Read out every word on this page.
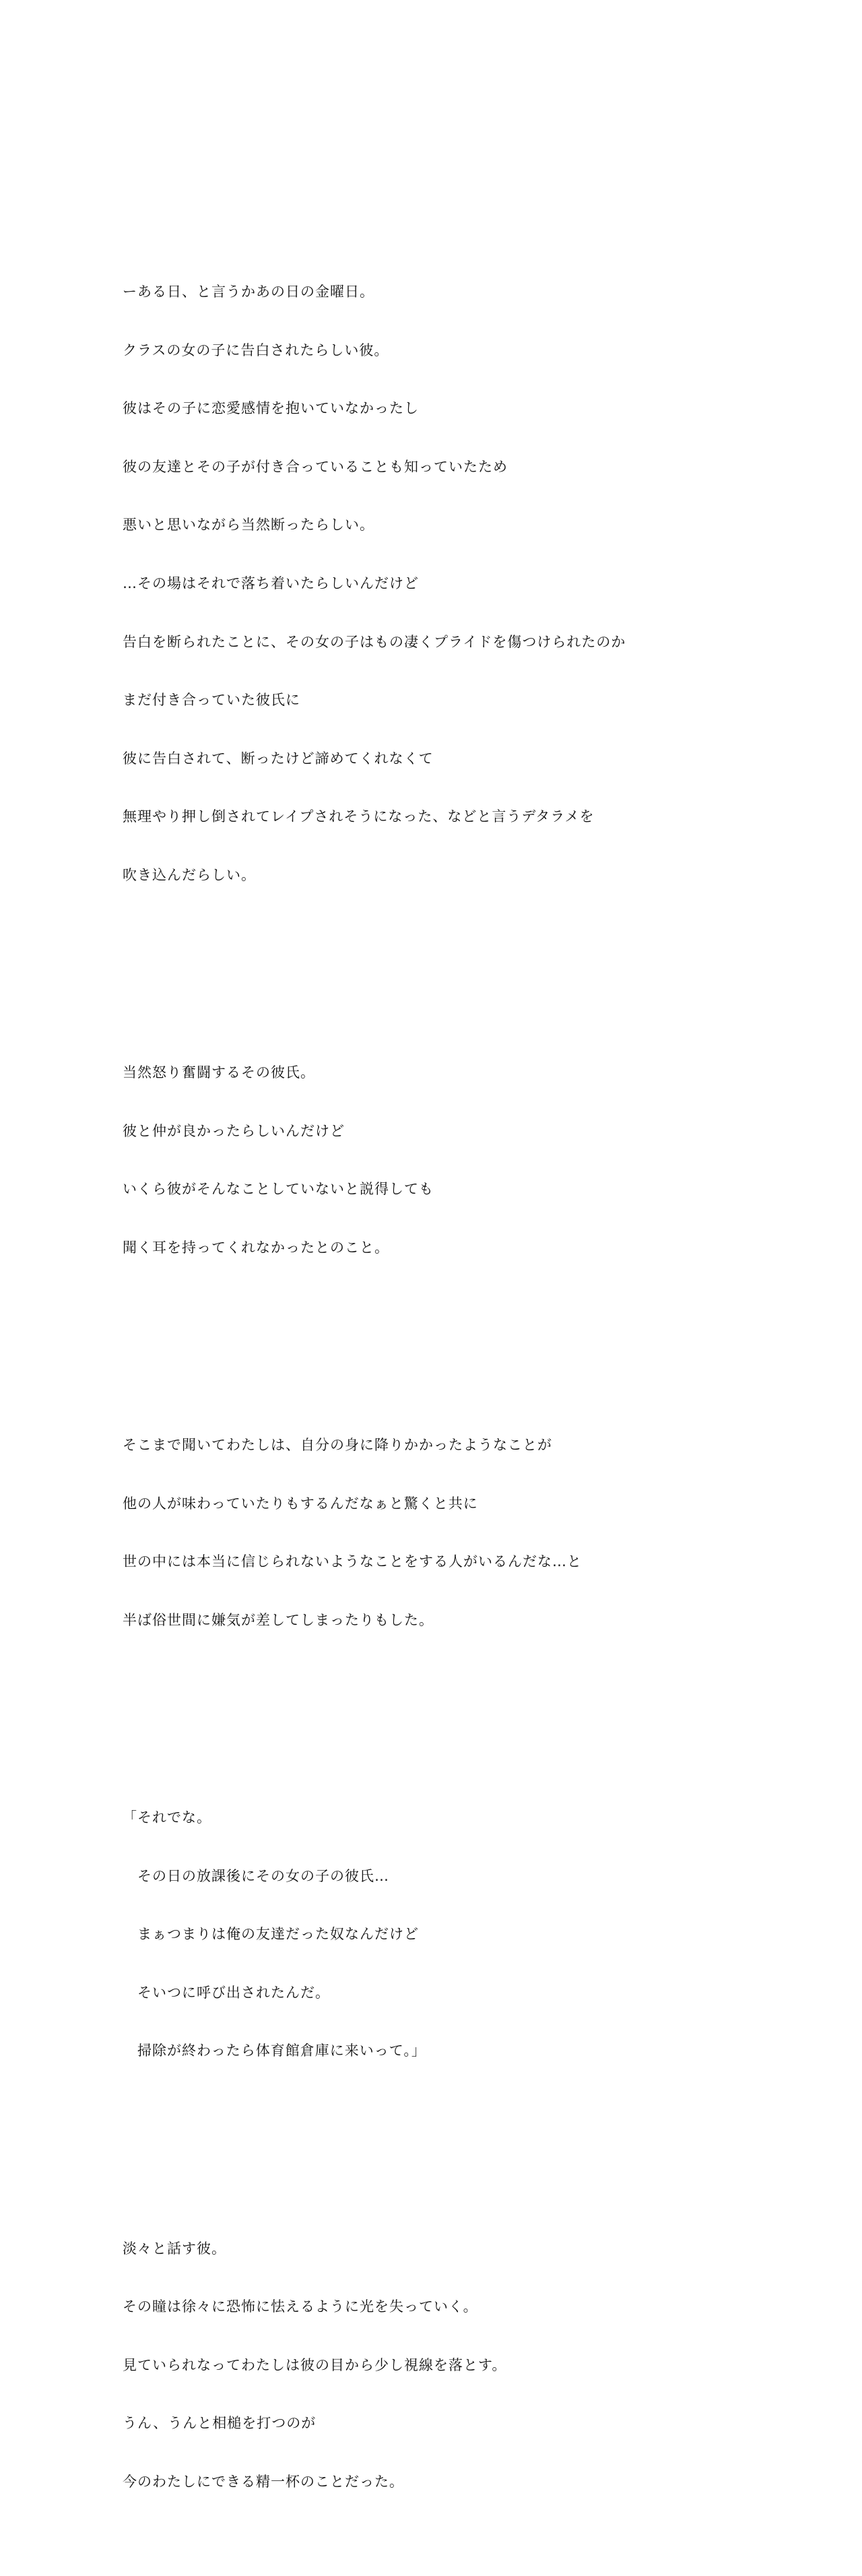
ーある日、と言うかあの日の金曜日。

クラスの女の子に告白されたらしい彼。

彼はその子に恋愛感情を抱いていなかったし

彼の友達とその子が付き合っていることも知っていたため

悪いと思いながら当然断ったらしい。

…その場はそれで落ち着いたらしいんだけど

告白を断られたことに、その女の子はもの凄くプライドを傷つけられたのか

まだ付き合っていた彼氏に

彼に告白されて、断ったけど諦めてくれなくて

無理やり押し倒されてレイプされそうになった、などと言うデタラメを

吹き込んだらしい。

当然怒り奮闘するその彼氏。

彼と仲が良かったらしいんだけど

いくら彼がそんなことしていないと説得しても

聞く耳を持ってくれなかったとのこと。

そこまで聞いてわたしは、自分の身に降りかかったようなことが

他の人が味わっていたりもするんだなぁと驚くと共に

世の中には本当に信じられないようなことをする人がいるんだな…と

半ば俗世間に嫌気が差してしまったりもした。

「それでな。

　その日の放課後にその女の子の彼氏…

　まぁつまりは俺の友達だった奴なんだけど

　そいつに呼び出されたんだ。

　掃除が終わったら体育館倉庫に来いって。」

淡々と話す彼。

その瞳は徐々に恐怖に怯えるように光を失っていく。

見ていられなってわたしは彼の目から少し視線を落とす。

うん、うんと相槌を打つのが

今のわたしにできる精一杯のことだった。
